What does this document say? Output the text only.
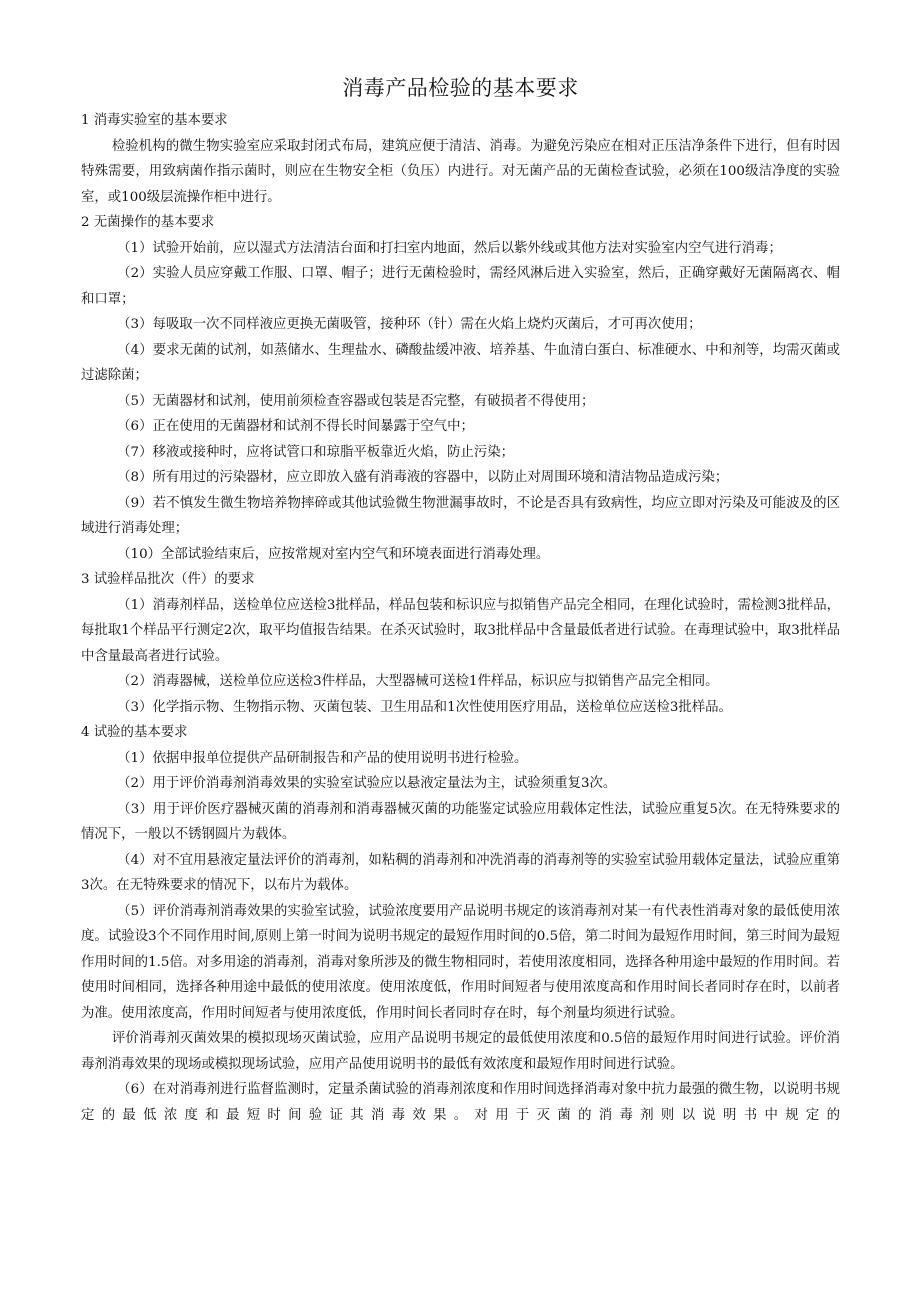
消毒产品检验的基本要求

1 消毒实验室的基本要求

检验机构的微生物实验室应采取封闭式布局，建筑应便于清洁、消毒。为避免污染应在相对正压洁净条件下进行，但有时因特殊需要，用致病菌作指示菌时，则应在生物安全柜（负压）内进行。对无菌产品的无菌检查试验，必须在100级洁净度的实验室，或100级层流操作柜中进行。

2 无菌操作的基本要求

（1）试验开始前，应以湿式方法清洁台面和打扫室内地面，然后以紫外线或其他方法对实验室内空气进行消毒；

（2）实验人员应穿戴工作服、口罩、帽子；进行无菌检验时，需经风淋后进入实验室，然后，正确穿戴好无菌隔离衣、帽和口罩；

（3）每吸取一次不同样液应更换无菌吸管，接种环（针）需在火焰上烧灼灭菌后，才可再次使用；

（4）要求无菌的试剂，如蒸储水、生理盐水、磷酸盐缓冲液、培养基、牛血清白蛋白、标准硬水、中和剂等，均需灭菌或过滤除菌；

（5）无菌器材和试剂，使用前须检查容器或包装是否完整，有破损者不得使用；

（6）正在使用的无菌器材和试剂不得长时间暴露于空气中；

（7）移液或接种时，应将试管口和琼脂平板靠近火焰，防止污染；

（8）所有用过的污染器材，应立即放入盛有消毒液的容器中，以防止对周围环境和清洁物品造成污染；

（9）若不慎发生微生物培养物摔碎或其他试验微生物泄漏事故时，不论是否具有致病性，均应立即对污染及可能波及的区域进行消毒处理；

（10）全部试验结束后，应按常规对室内空气和环境表面进行消毒处理。

3 试验样品批次（件）的要求

（1）消毒剂样品，送检单位应送检3批样品，样品包装和标识应与拟销售产品完全相同，在理化试验时，需检测3批样品，每批取1个样品平行测定2次，取平均值报告结果。在杀灭试验时，取3批样品中含量最低者进行试验。在毒理试验中，取3批样品中含量最高者进行试验。

（2）消毒器械，送检单位应送检3件样品，大型器械可送检1件样品，标识应与拟销售产品完全相同。

（3）化学指示物、生物指示物、灭菌包装、卫生用品和1次性使用医疗用品，送检单位应送检3批样品。

4 试验的基本要求

（1）依据申报单位提供产品研制报告和产品的使用说明书进行检验。

（2）用于评价消毒剂消毒效果的实验室试验应以悬液定量法为主，试验须重复3次。

（3）用于评价医疗器械灭菌的消毒剂和消毒器械灭菌的功能鉴定试验应用载体定性法，试验应重复5次。在无特殊要求的情况下，一般以不锈钢圆片为载体。

（4）对不宜用悬液定量法评价的消毒剂，如粘稠的消毒剂和冲洗消毒的消毒剂等的实验室试验用载体定量法，试验应重第3次。在无特殊要求的情况下，以布片为载体。

（5）评价消毒剂消毒效果的实验室试验，试验浓度要用产品说明书规定的该消毒剂对某一有代表性消毒对象的最低使用浓度。试验设3个不同作用时间,原则上第一时间为说明书规定的最短作用时间的0.5倍，第二时间为最短作用时间，第三时间为最短作用时间的1.5倍。对多用途的消毒剂，消毒对象所涉及的微生物相同时，若使用浓度相同，选择各种用途中最短的作用时间。若使用时间相同，选择各种用途中最低的使用浓度。使用浓度低，作用时间短者与使用浓度高和作用时间长者同时存在时，以前者为准。使用浓度高，作用时间短者与使用浓度低，作用时间长者同时存在时，每个剂量均须进行试验。

评价消毒剂灭菌效果的模拟现场灭菌试验，应用产品说明书规定的最低使用浓度和0.5倍的最短作用时间进行试验。评价消毒剂消毒效果的现场或模拟现场试验，应用产品使用说明书的最低有效浓度和最短作用时间进行试验。

（6）在对消毒剂进行监督监测时，定量杀菌试验的消毒剂浓度和作用时间选择消毒对象中抗力最强的微生物，以说明书规定的最低浓度和最短时间验证其消毒效果。对用于灭菌的消毒剂则以说明书中规定的
